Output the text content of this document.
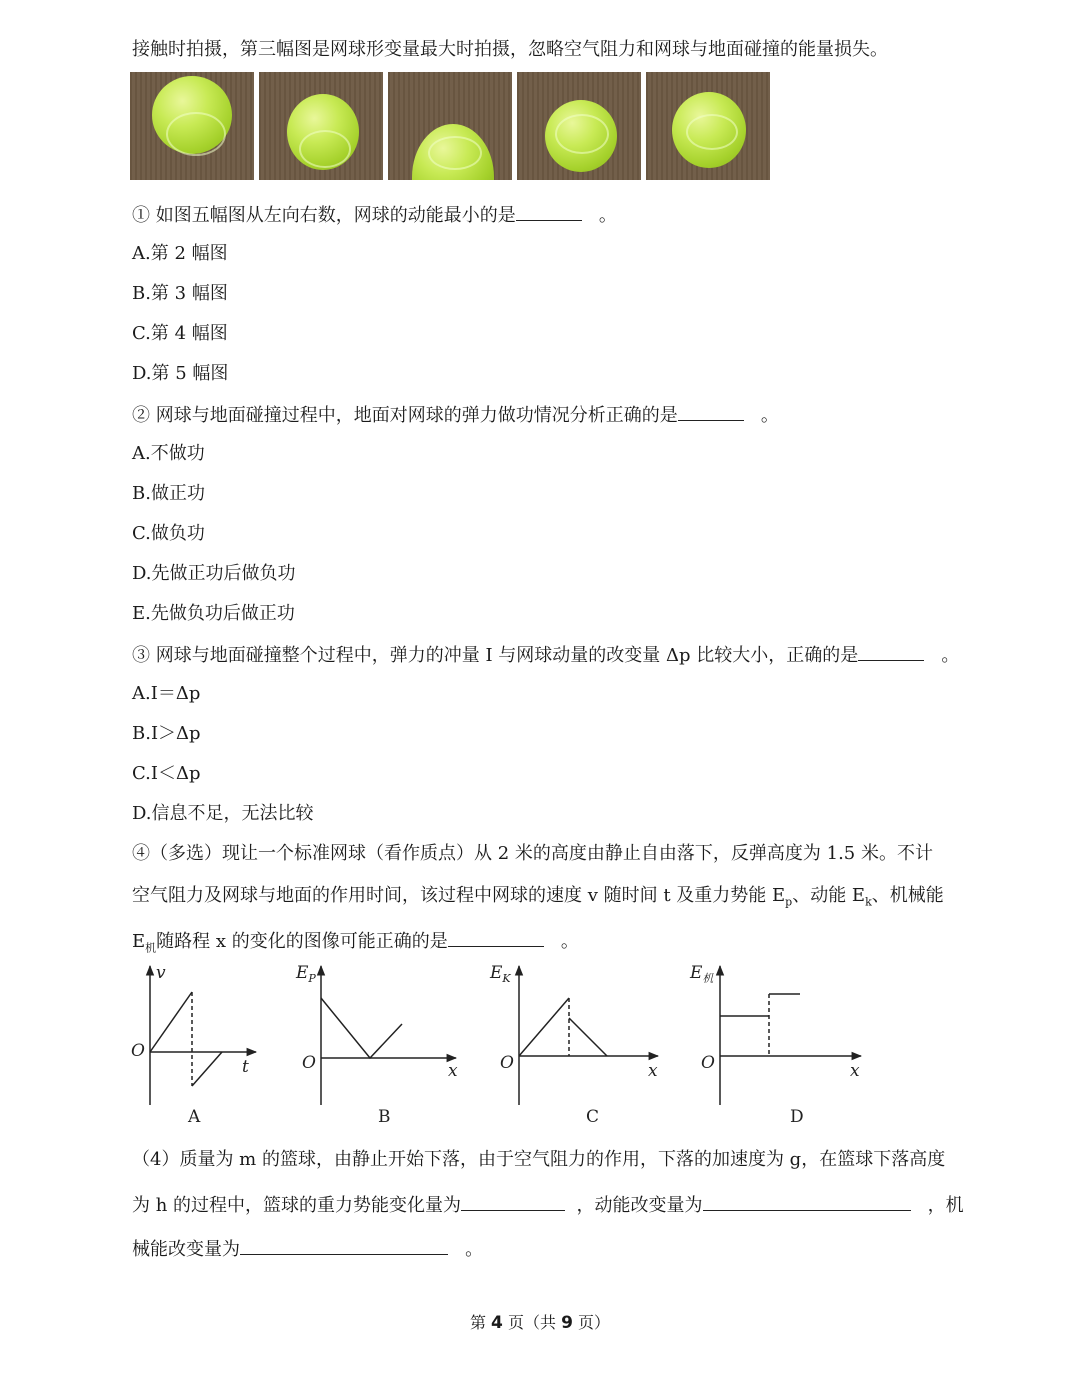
接触时拍摄，第三幅图是网球形变量最大时拍摄，忽略空气阻力和网球与地面碰撞的能量损失。
① 如图五幅图从左向右数，网球的动能最小的是	。
A.第 2 幅图
B.第 3 幅图
C.第 4 幅图
D.第 5 幅图
② 网球与地面碰撞过程中，地面对网球的弹力做功情况分析正确的是	。
A.不做功
B.做正功
C.做负功
D.先做正功后做负功
E.先做负功后做正功
③ 网球与地面碰撞整个过程中，弹力的冲量 I 与网球动量的改变量 Δp 比较大小，正确的是	。
A.I＝Δp
B.I＞Δp
C.I＜Δp
D.信息不足，无法比较
④（多选）现让一个标准网球（看作质点）从 2 米的高度由静止自由落下，反弹高度为 1.5 米。不计
空气阻力及网球与地面的作用时间，该过程中网球的速度 v 随时间 t 及重力势能 $E_p$、动能 $E_k$、机械能
$E_机$随路程 x 的变化的图像可能正确的是	。
v
t
O
A
$E_P$
x
O
B
$E_K$
x
O
C
$E_机$
x
O
D
（4）质量为 m 的篮球，由静止开始下落，由于空气阻力的作用，下落的加速度为 g，在篮球下落高度
为 h 的过程中，篮球的重力势能变化量为	，动能改变量为	，机
械能改变量为	。
第 4 页（共 9 页）
